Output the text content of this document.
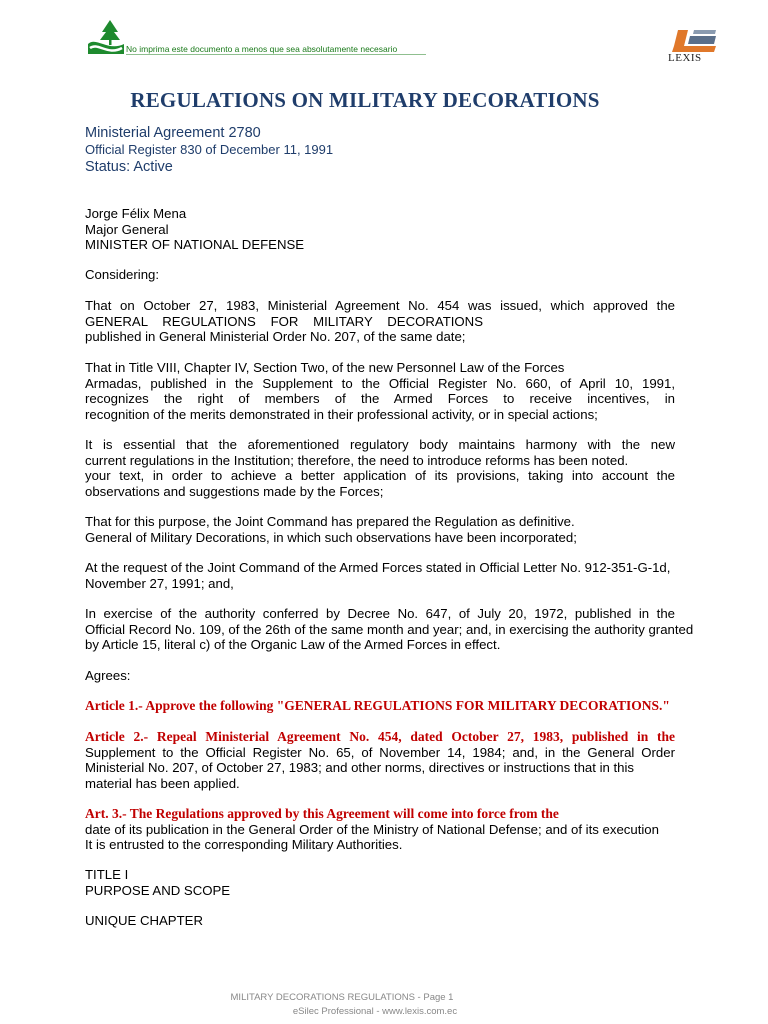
No imprima este documento a menos que sea absolutamente necesario
LEXIS
REGULATIONS ON MILITARY DECORATIONS
Ministerial Agreement 2780
Official Register 830 of December 11, 1991
Status: Active
Jorge Félix Mena
Major General
MINISTER OF NATIONAL DEFENSE
Considering:
That on October 27, 1983, Ministerial Agreement No. 454 was issued, which approved the
GENERAL REGULATIONS FOR MILITARY DECORATIONS
published in General Ministerial Order No. 207, of the same date;
That in Title VIII, Chapter IV, Section Two, of the new Personnel Law of the Forces
Armadas, published in the Supplement to the Official Register No. 660, of April 10, 1991,
recognizes the right of members of the Armed Forces to receive incentives, in
recognition of the merits demonstrated in their professional activity, or in special actions;
It is essential that the aforementioned regulatory body maintains harmony with the new
current regulations in the Institution; therefore, the need to introduce reforms has been noted.
your text, in order to achieve a better application of its provisions, taking into account the
observations and suggestions made by the Forces;
That for this purpose, the Joint Command has prepared the Regulation as definitive.
General of Military Decorations, in which such observations have been incorporated;
At the request of the Joint Command of the Armed Forces stated in Official Letter No. 912-351-G-1d,
November 27, 1991; and,
In exercise of the authority conferred by Decree No. 647, of July 20, 1972, published in the
Official Record No. 109, of the 26th of the same month and year; and, in exercising the authority granted
by Article 15, literal c) of the Organic Law of the Armed Forces in effect.
Agrees:
Article 1.- Approve the following "GENERAL REGULATIONS FOR MILITARY DECORATIONS."
Article 2.- Repeal Ministerial Agreement No. 454, dated October 27, 1983, published in the
Supplement to the Official Register No. 65, of November 14, 1984; and, in the General Order
Ministerial No. 207, of October 27, 1983; and other norms, directives or instructions that in this
material has been applied.
Art. 3.- The Regulations approved by this Agreement will come into force from the
date of its publication in the General Order of the Ministry of National Defense; and of its execution
It is entrusted to the corresponding Military Authorities.
TITLE I
PURPOSE AND SCOPE
UNIQUE CHAPTER
MILITARY DECORATIONS REGULATIONS - Page 1
eSilec Professional - www.lexis.com.ec
